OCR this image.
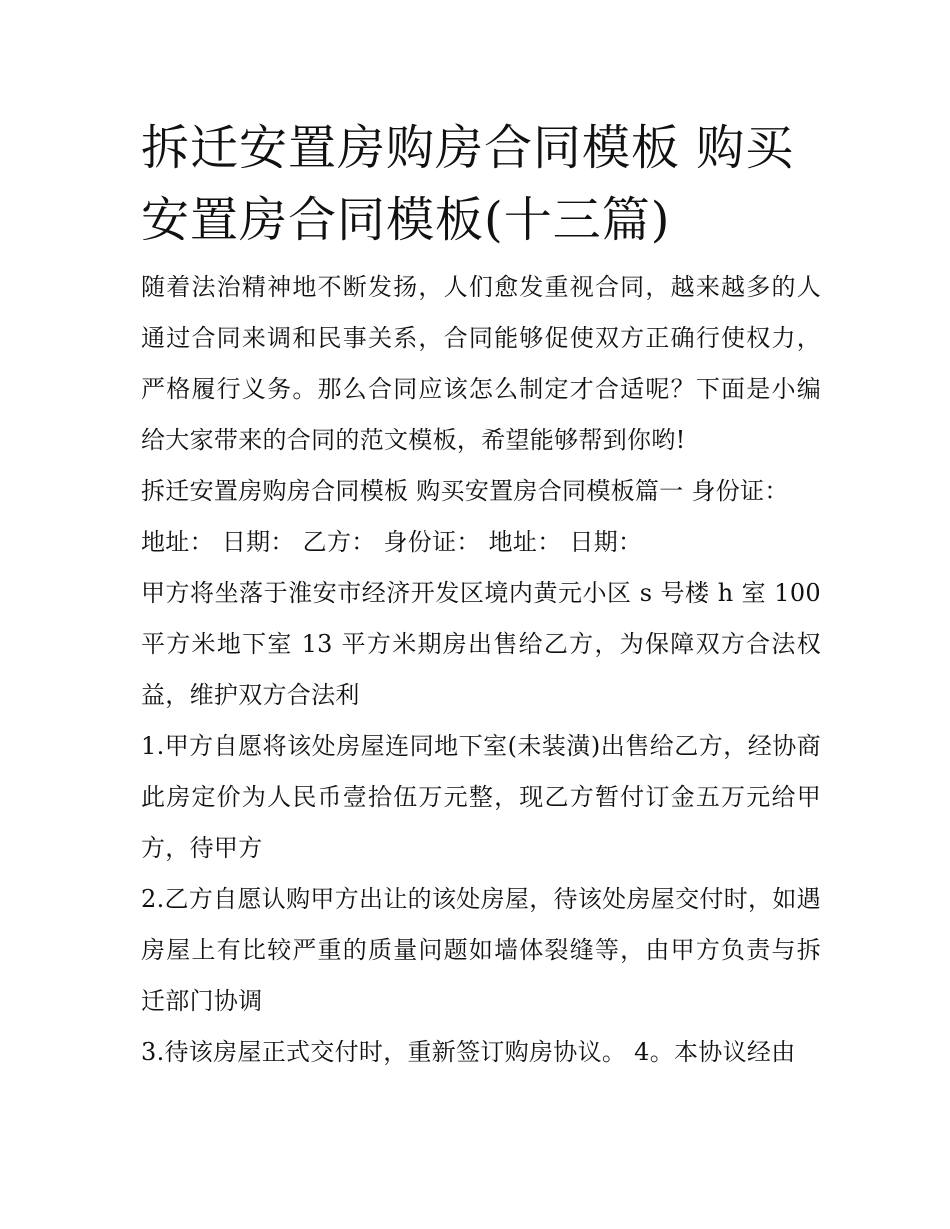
拆迁安置房购房合同模板 购买安置房合同模板(十三篇)

随着法治精神地不断发扬，人们愈发重视合同，越来越多的人通过合同来调和民事关系，合同能够促使双方正确行使权力，严格履行义务。那么合同应该怎么制定才合适呢？下面是小编给大家带来的合同的范文模板，希望能够帮到你哟!

拆迁安置房购房合同模板 购买安置房合同模板篇一 身份证：

地址： 日期： 乙方： 身份证： 地址： 日期：

甲方将坐落于淮安市经济开发区境内黄元小区 s 号楼 h 室 100 平方米地下室 13 平方米期房出售给乙方，为保障双方合法权益，维护双方合法利

1.甲方自愿将该处房屋连同地下室(未装潢)出售给乙方，经协商此房定价为人民币壹拾伍万元整，现乙方暂付订金五万元给甲方，待甲方

2.乙方自愿认购甲方出让的该处房屋，待该处房屋交付时，如遇房屋上有比较严重的质量问题如墙体裂缝等，由甲方负责与拆迁部门协调

3.待该房屋正式交付时，重新签订购房协议。 4。本协议经由
